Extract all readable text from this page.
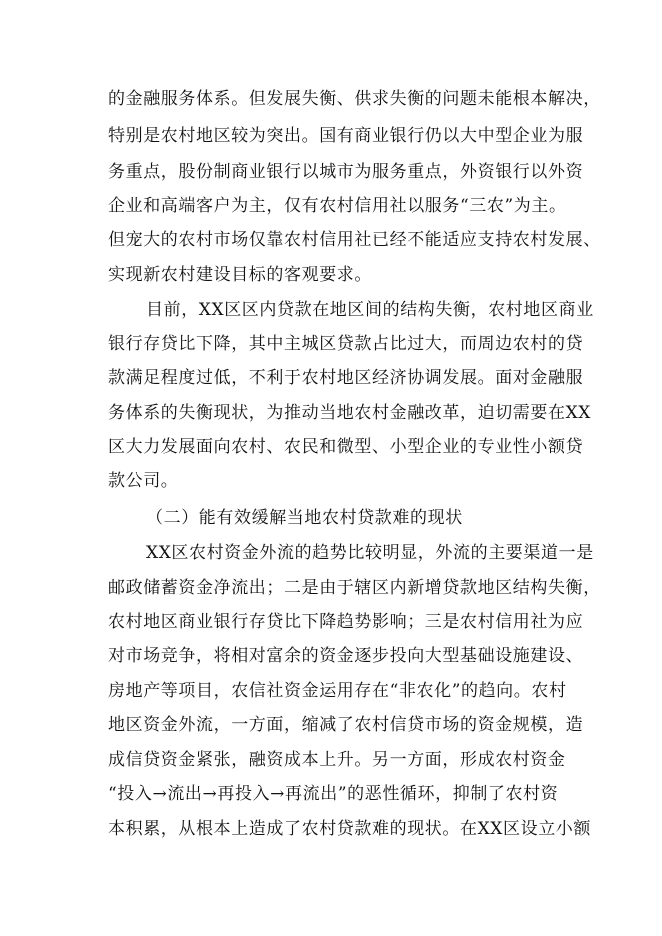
的金融服务体系。但发展失衡、供求失衡的问题未能根本解决，
特别是农村地区较为突出。国有商业银行仍以大中型企业为服
务重点，股份制商业银行以城市为服务重点，外资银行以外资
企业和高端客户为主，仅有农村信用社以服务“三农”为主。
但宠大的农村市场仅靠农村信用社已经不能适应支持农村发展、
实现新农村建设目标的客观要求。
目前，XX区区内贷款在地区间的结构失衡，农村地区商业
银行存贷比下降，其中主城区贷款占比过大，而周边农村的贷
款满足程度过低，不利于农村地区经济协调发展。面对金融服
务体系的失衡现状，为推动当地农村金融改革，迫切需要在XX
区大力发展面向农村、农民和微型、小型企业的专业性小额贷
款公司。
（二）能有效缓解当地农村贷款难的现状
XX区农村资金外流的趋势比较明显，外流的主要渠道一是
邮政储蓄资金净流出；二是由于辖区内新增贷款地区结构失衡，
农村地区商业银行存贷比下降趋势影响；三是农村信用社为应
对市场竞争，将相对富余的资金逐步投向大型基础设施建设、
房地产等项目，农信社资金运用存在“非农化”的趋向。农村
地区资金外流，一方面，缩减了农村信贷市场的资金规模，造
成信贷资金紧张，融资成本上升。另一方面，形成农村资金
“投入→流出→再投入→再流出”的恶性循环，抑制了农村资
本积累，从根本上造成了农村贷款难的现状。在XX区设立小额
